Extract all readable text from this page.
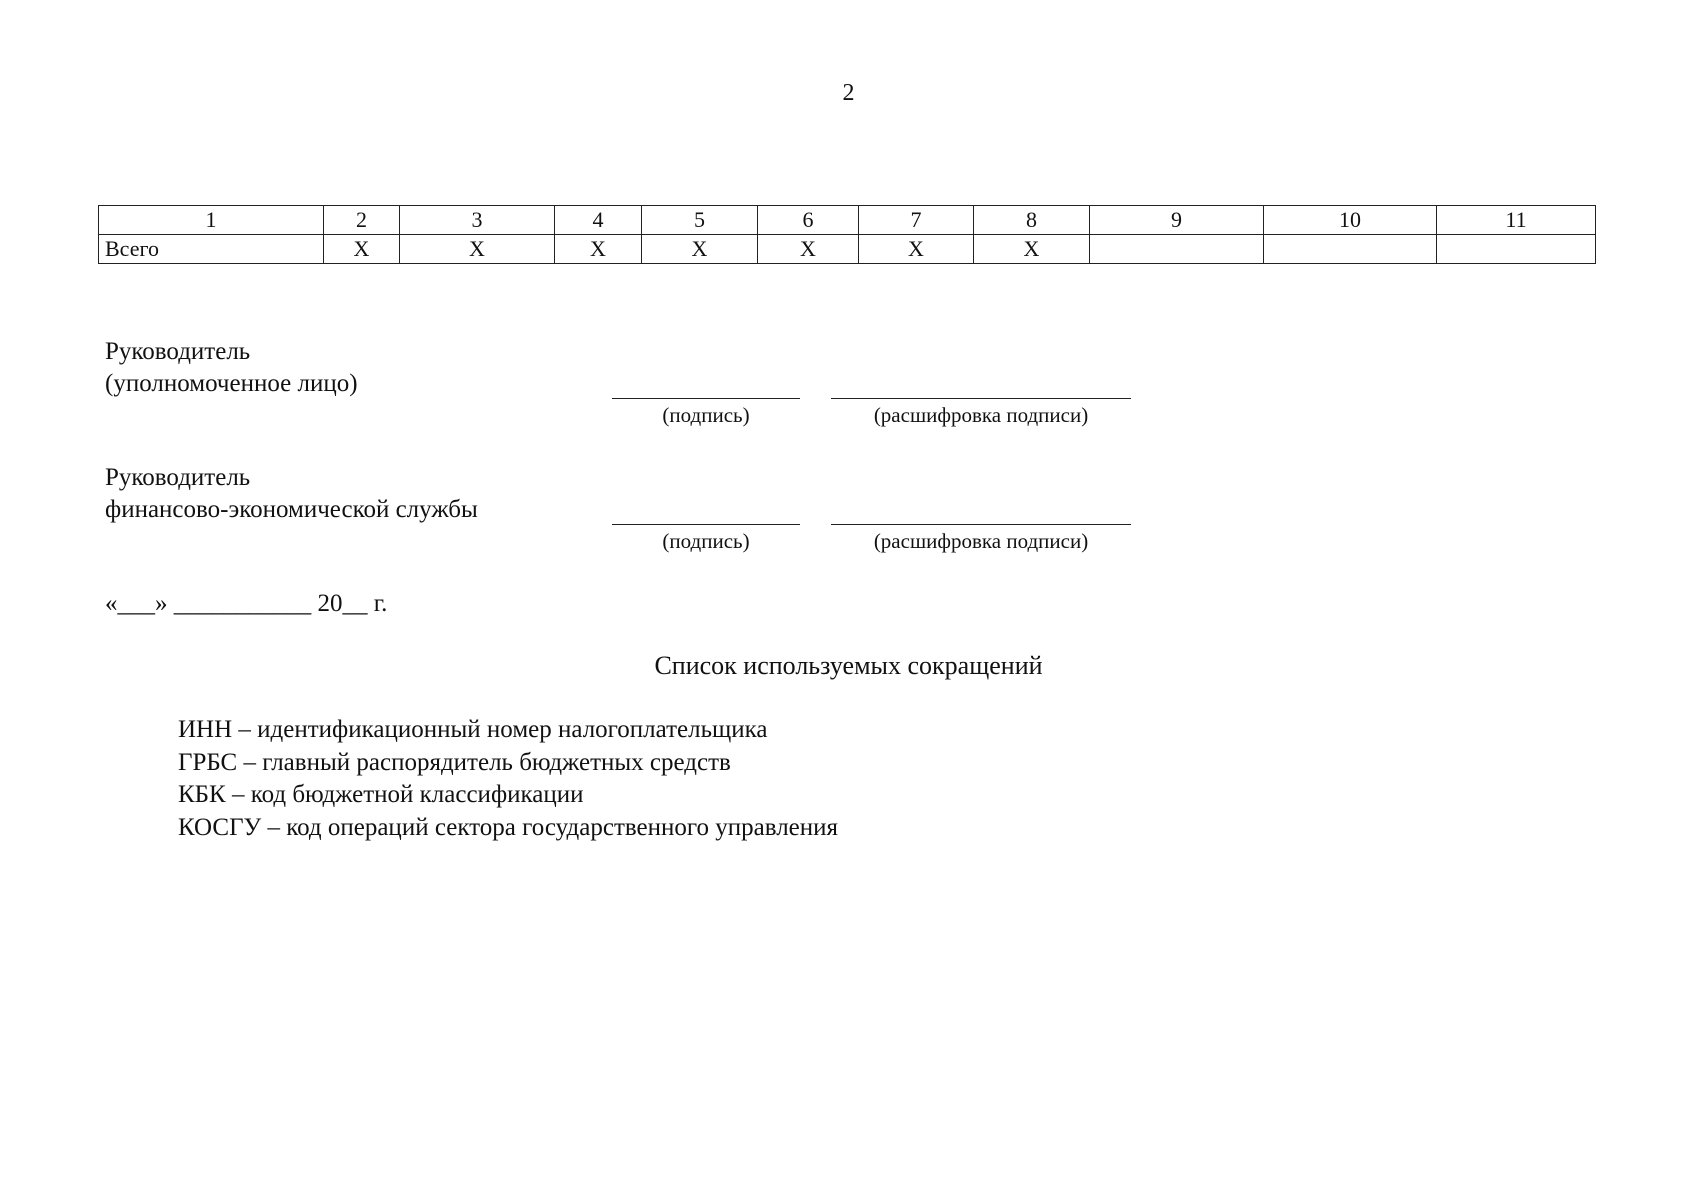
2
1	2	3	4	5	6	7	8	9	10	11
Всего	X	X	X	X	X	X	X			
Руководитель
(уполномоченное лицо)
(подпись)	(расшифровка подписи)
Руководитель
финансово-экономической службы
(подпись)	(расшифровка подписи)
«___» ___________ 20__ г.
Список используемых сокращений
ИНН – идентификационный номер налогоплательщика
ГРБС – главный распорядитель бюджетных средств
КБК – код бюджетной классификации
КОСГУ – код операций сектора государственного управления
